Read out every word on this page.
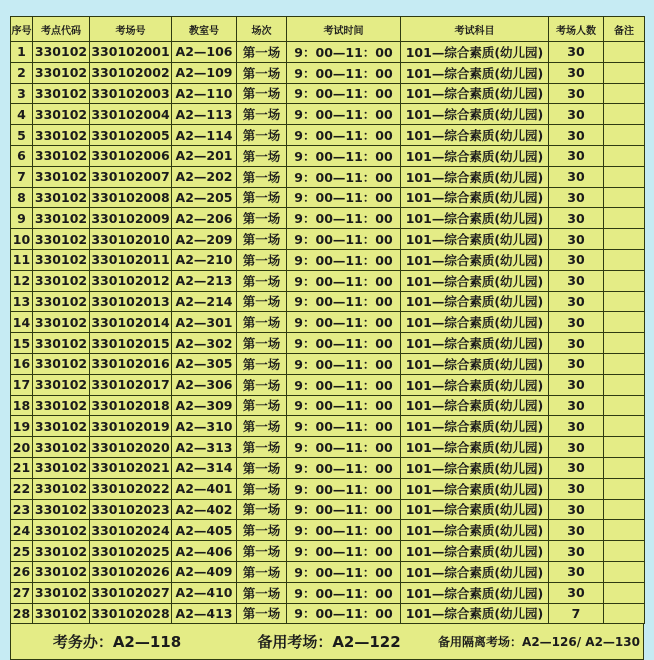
序号	考点代码	考场号	教室号	场次	考试时间	考试科目	考场人数	备注
1	330102	330102001	A2—106	第一场	9：00—11：00	101—综合素质(幼儿园)	30	
2	330102	330102002	A2—109	第一场	9：00—11：00	101—综合素质(幼儿园)	30	
3	330102	330102003	A2—110	第一场	9：00—11：00	101—综合素质(幼儿园)	30	
4	330102	330102004	A2—113	第一场	9：00—11：00	101—综合素质(幼儿园)	30	
5	330102	330102005	A2—114	第一场	9：00—11：00	101—综合素质(幼儿园)	30	
6	330102	330102006	A2—201	第一场	9：00—11：00	101—综合素质(幼儿园)	30	
7	330102	330102007	A2—202	第一场	9：00—11：00	101—综合素质(幼儿园)	30	
8	330102	330102008	A2—205	第一场	9：00—11：00	101—综合素质(幼儿园)	30	
9	330102	330102009	A2—206	第一场	9：00—11：00	101—综合素质(幼儿园)	30	
10	330102	330102010	A2—209	第一场	9：00—11：00	101—综合素质(幼儿园)	30	
11	330102	330102011	A2—210	第一场	9：00—11：00	101—综合素质(幼儿园)	30	
12	330102	330102012	A2—213	第一场	9：00—11：00	101—综合素质(幼儿园)	30	
13	330102	330102013	A2—214	第一场	9：00—11：00	101—综合素质(幼儿园)	30	
14	330102	330102014	A2—301	第一场	9：00—11：00	101—综合素质(幼儿园)	30	
15	330102	330102015	A2—302	第一场	9：00—11：00	101—综合素质(幼儿园)	30	
16	330102	330102016	A2—305	第一场	9：00—11：00	101—综合素质(幼儿园)	30	
17	330102	330102017	A2—306	第一场	9：00—11：00	101—综合素质(幼儿园)	30	
18	330102	330102018	A2—309	第一场	9：00—11：00	101—综合素质(幼儿园)	30	
19	330102	330102019	A2—310	第一场	9：00—11：00	101—综合素质(幼儿园)	30	
20	330102	330102020	A2—313	第一场	9：00—11：00	101—综合素质(幼儿园)	30	
21	330102	330102021	A2—314	第一场	9：00—11：00	101—综合素质(幼儿园)	30	
22	330102	330102022	A2—401	第一场	9：00—11：00	101—综合素质(幼儿园)	30	
23	330102	330102023	A2—402	第一场	9：00—11：00	101—综合素质(幼儿园)	30	
24	330102	330102024	A2—405	第一场	9：00—11：00	101—综合素质(幼儿园)	30	
25	330102	330102025	A2—406	第一场	9：00—11：00	101—综合素质(幼儿园)	30	
26	330102	330102026	A2—409	第一场	9：00—11：00	101—综合素质(幼儿园)	30	
27	330102	330102027	A2—410	第一场	9：00—11：00	101—综合素质(幼儿园)	30	
28	330102	330102028	A2—413	第一场	9：00—11：00	101—综合素质(幼儿园)	7	
考务办：A2—118	备用考场：A2—122	备用隔离考场：A2—126/ A2—130
